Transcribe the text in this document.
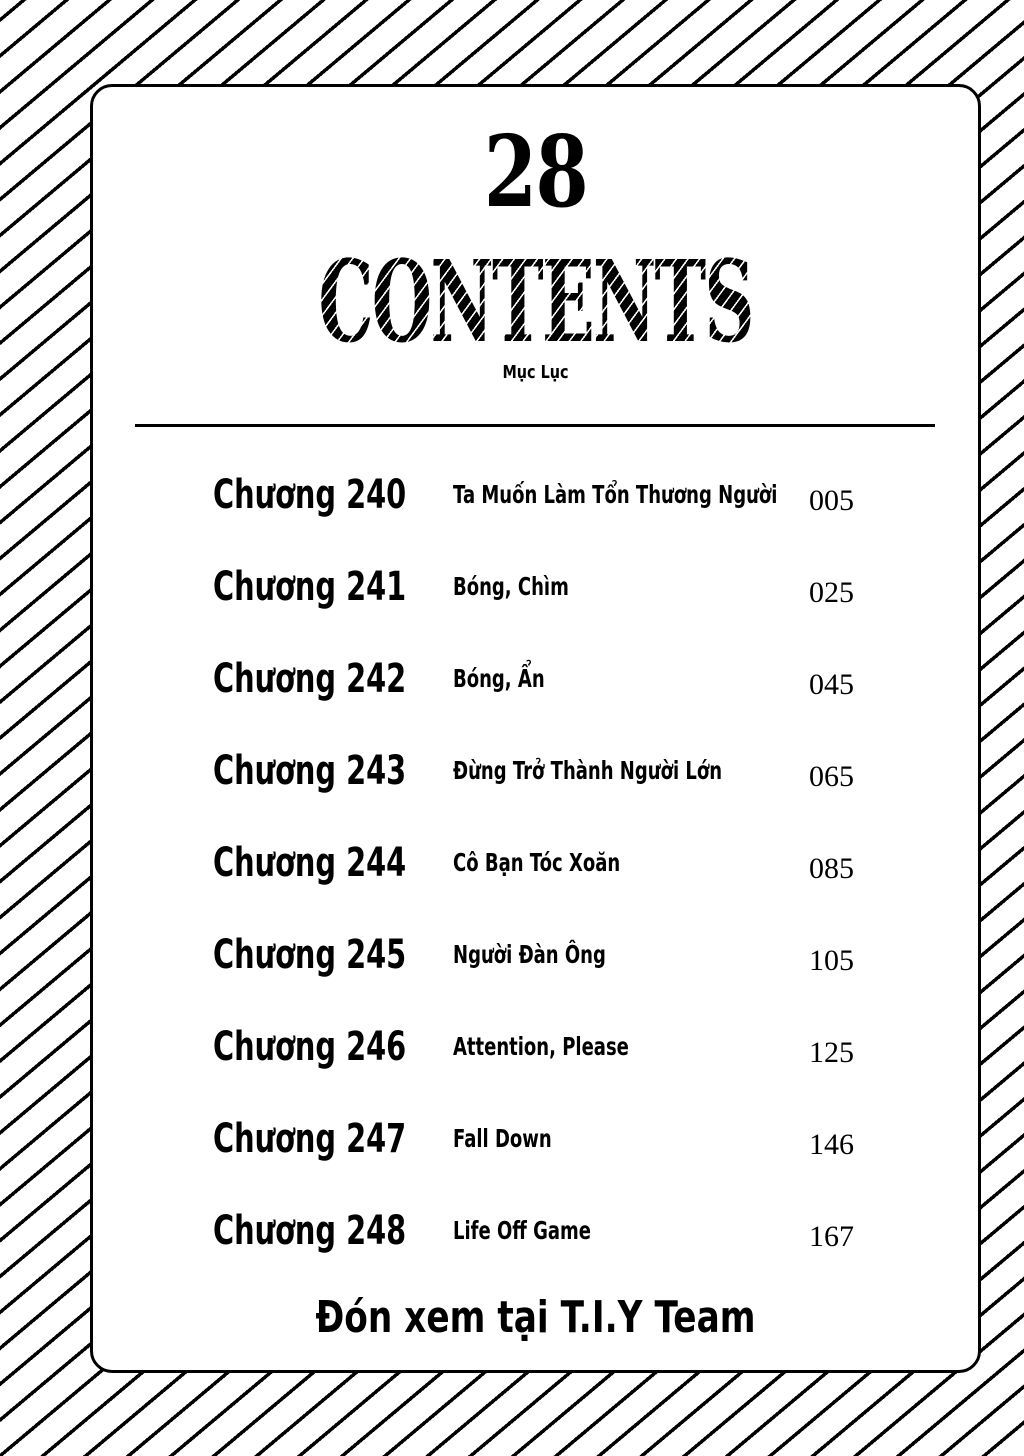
28
CONTENTS
Mục Lục
Chương 240 Ta Muốn Làm Tổn Thương Người 005
Chương 241 Bóng, Chìm	025
Chương 242 Bóng, Ẩn	045
Chương 243 Đừng Trở Thành Người Lớn	065
Chương 244 Cô Bạn Tóc Xoăn	085
Chương 245 Người Đàn Ông	105
Chương 246 Attention, Please	125
Chương 247 Fall Down	146
Chương 248 Life Off Game	167
Đón xem tại T.I.Y Team
